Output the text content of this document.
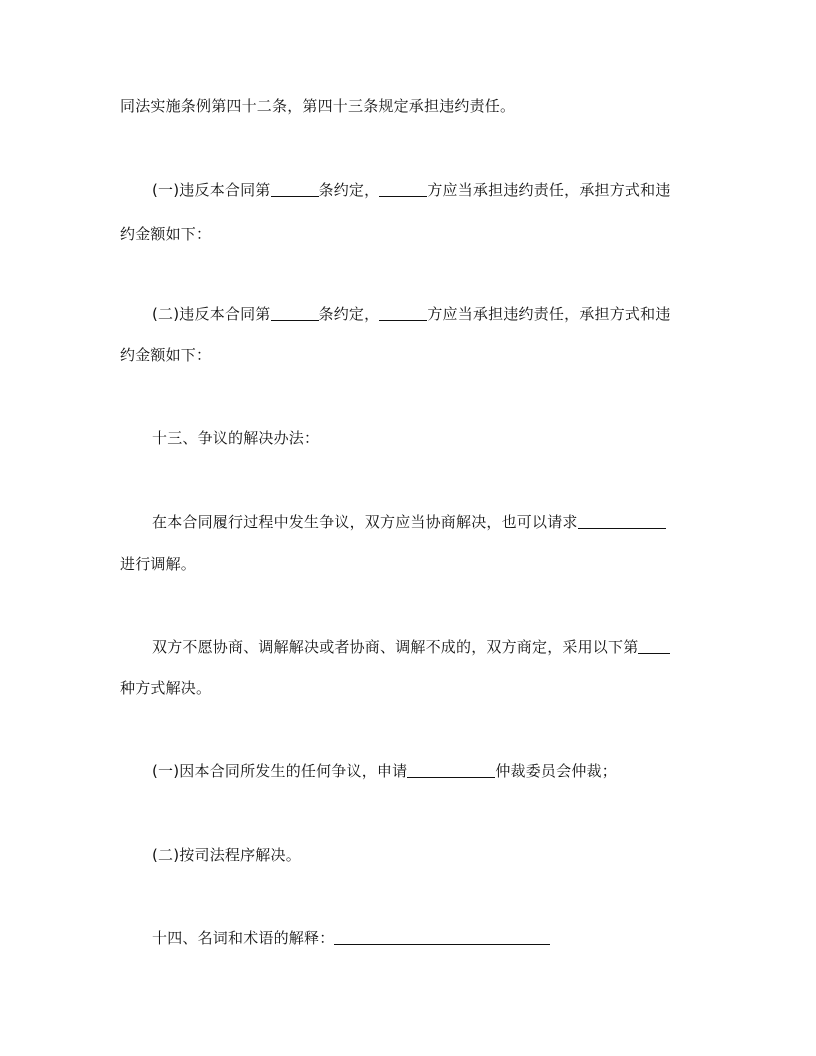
同法实施条例第四十二条，第四十三条规定承担违约责任。
(一)违反本合同第	条约定，	方应当承担违约责任，承担方式和违
约金额如下：
(二)违反本合同第	条约定，	方应当承担违约责任，承担方式和违
约金额如下：
十三、争议的解决办法：
在本合同履行过程中发生争议，双方应当协商解决，也可以请求
进行调解。
双方不愿协商、调解解决或者协商、调解不成的，双方商定，采用以下第
种方式解决。
(一)因本合同所发生的任何争议，申请	仲裁委员会仲裁；
(二)按司法程序解决。
十四、名词和术语的解释：
